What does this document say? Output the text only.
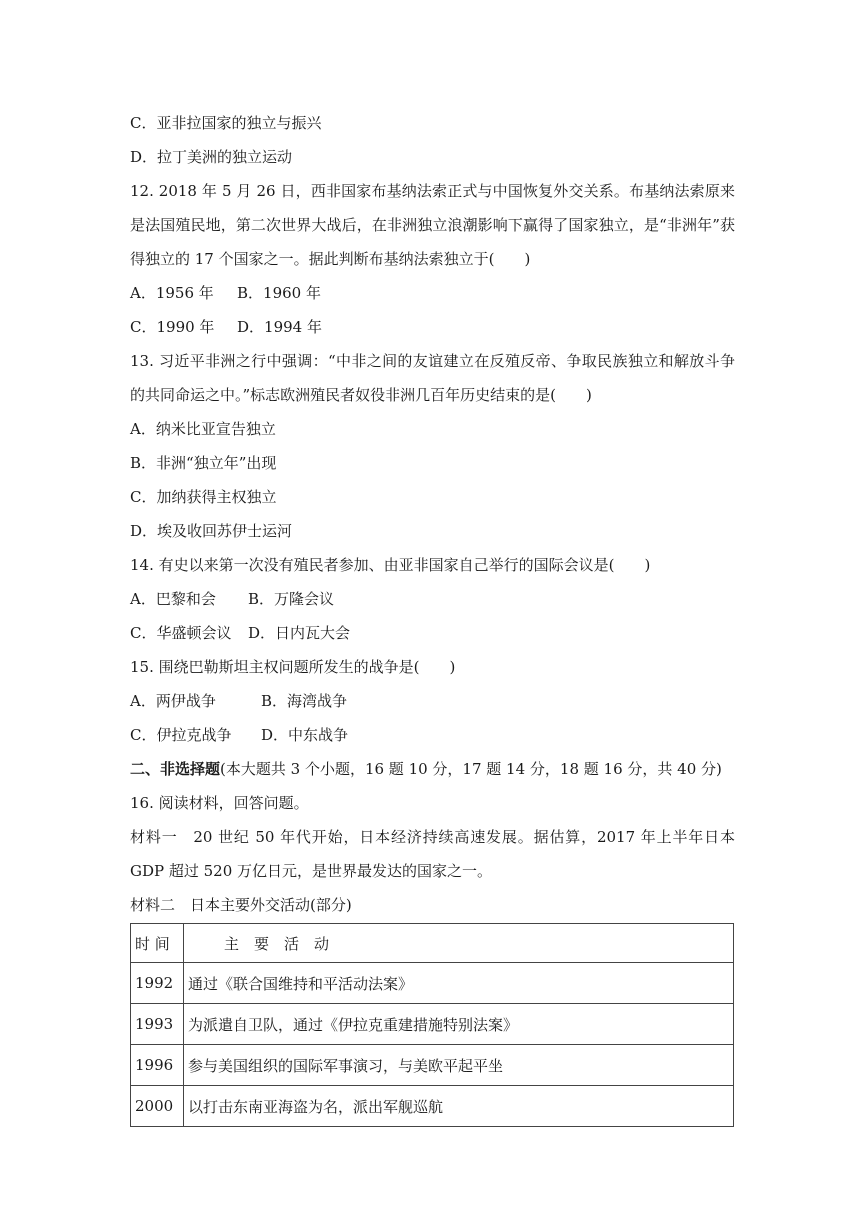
C．亚非拉国家的独立与振兴
D．拉丁美洲的独立运动
12. 2018 年 5 月 26 日，西非国家布基纳法索正式与中国恢复外交关系。布基纳法索原来是法国殖民地，第二次世界大战后，在非洲独立浪潮影响下赢得了国家独立，是“非洲年”获得独立的 17 个国家之一。据此判断布基纳法索独立于(　　)
A．1956 年	B．1960 年
C．1990 年	D．1994 年
13. 习近平非洲之行中强调：“中非之间的友谊建立在反殖反帝、争取民族独立和解放斗争的共同命运之中。”标志欧洲殖民者奴役非洲几百年历史结束的是(　　)
A．纳米比亚宣告独立
B．非洲“独立年”出现
C．加纳获得主权独立
D．埃及收回苏伊士运河
14. 有史以来第一次没有殖民者参加、由亚非国家自己举行的国际会议是(　　)
A．巴黎和会	B．万隆会议
C．华盛顿会议	D．日内瓦大会
15. 围绕巴勒斯坦主权问题所发生的战争是(　　)
A．两伊战争	B．海湾战争
C．伊拉克战争	D．中东战争
二、非选择题(本大题共 3 个小题，16 题 10 分，17 题 14 分，18 题 16 分，共 40 分)
16. 阅读材料，回答问题。
材料一　20 世纪 50 年代开始，日本经济持续高速发展。据估算，2017 年上半年日本 GDP 超过 520 万亿日元，是世界最发达的国家之一。
材料二　日本主要外交活动(部分)
时 间	主　要　活　动
1992	通过《联合国维持和平活动法案》
1993	为派遣自卫队，通过《伊拉克重建措施特别法案》
1996	参与美国组织的国际军事演习，与美欧平起平坐
2000	以打击东南亚海盗为名，派出军舰巡航
